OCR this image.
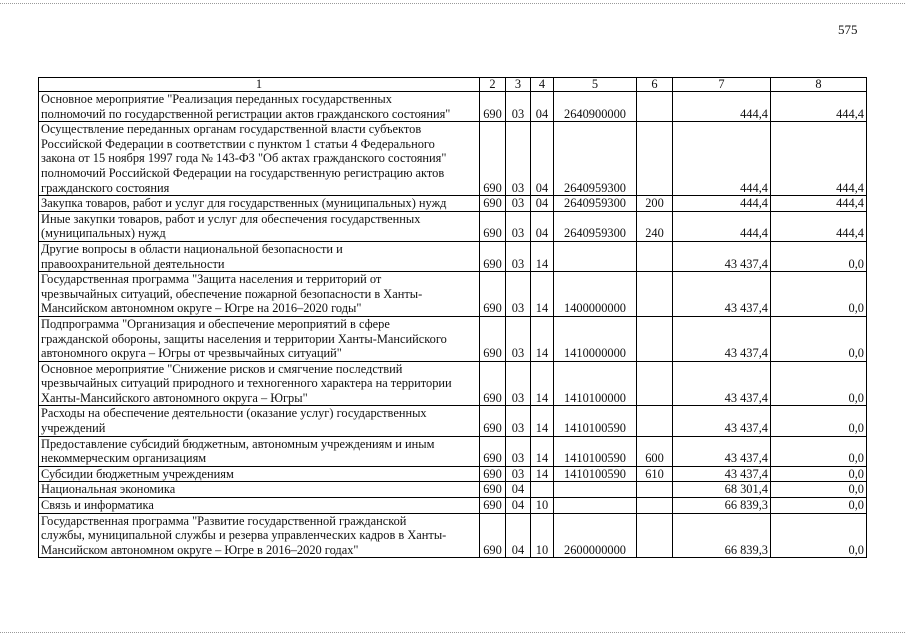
575
1	2	3	4	5	6	7	8
Основное мероприятие "Реализация переданных государственных
полномочий по государственной регистрации актов гражданского состояния"	690	03	04	2640900000		444,4	444,4
Осуществление переданных органам государственной власти субъектов
Российской Федерации в соответствии с пунктом 1 статьи 4 Федерального
закона от 15 ноября 1997 года № 143-ФЗ "Об актах гражданского состояния"
полномочий Российской Федерации на государственную регистрацию актов
гражданского состояния	690	03	04	2640959300		444,4	444,4
Закупка товаров, работ и услуг для государственных (муниципальных) нужд	690	03	04	2640959300	200	444,4	444,4
Иные закупки товаров, работ и услуг для обеспечения государственных
(муниципальных) нужд	690	03	04	2640959300	240	444,4	444,4
Другие вопросы в области национальной безопасности и
правоохранительной деятельности	690	03	14			43 437,4	0,0
Государственная программа "Защита населения и территорий от
чрезвычайных ситуаций, обеспечение пожарной безопасности в Ханты-
Мансийском автономном округе – Югре на 2016–2020 годы"	690	03	14	1400000000		43 437,4	0,0
Подпрограмма "Организация и обеспечение мероприятий в сфере
гражданской обороны, защиты населения и территории Ханты-Мансийского
автономного округа – Югры от чрезвычайных ситуаций"	690	03	14	1410000000		43 437,4	0,0
Основное мероприятие "Снижение рисков и смягчение последствий
чрезвычайных ситуаций природного и техногенного характера на территории
Ханты-Мансийского автономного округа – Югры"	690	03	14	1410100000		43 437,4	0,0
Расходы на обеспечение деятельности (оказание услуг) государственных
учреждений	690	03	14	1410100590		43 437,4	0,0
Предоставление субсидий бюджетным, автономным учреждениям и иным
некоммерческим организациям	690	03	14	1410100590	600	43 437,4	0,0
Субсидии бюджетным учреждениям	690	03	14	1410100590	610	43 437,4	0,0
Национальная экономика	690	04				68 301,4	0,0
Связь и информатика	690	04	10			66 839,3	0,0
Государственная программа "Развитие государственной гражданской
службы, муниципальной службы и резерва управленческих кадров в Ханты-
Мансийском автономном округе – Югре в 2016–2020 годах"	690	04	10	2600000000		66 839,3	0,0
